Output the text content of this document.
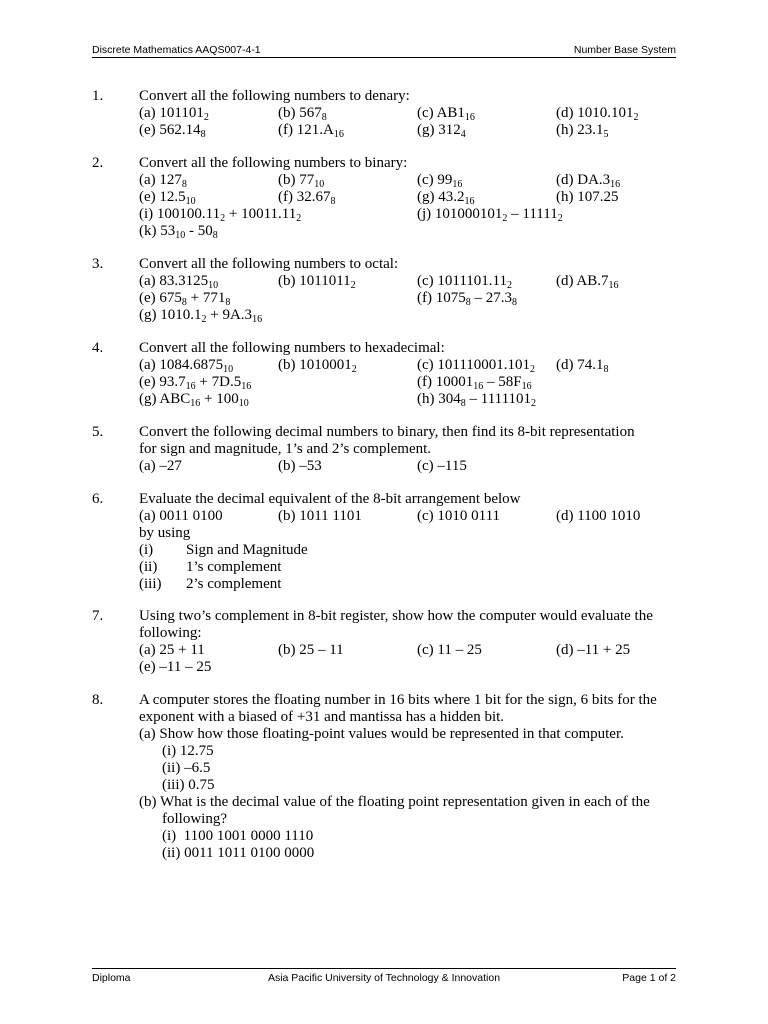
Discrete Mathematics AAQS007-4-1	Number Base System
1. Convert all the following numbers to denary:
(a) $101101_2$	(b) $567_8$	(c) $AB1_{16}$	(d) $1010.101_2$
(e) $562.14_8$	(f) $121.A_{16}$	(g) $312_4$	(h) $23.1_5$
2. Convert all the following numbers to binary:
(a) $127_8$	(b) $77_{10}$	(c) $99_{16}$	(d) $DA.3_{16}$
(e) $12.5_{10}$	(f) $32.67_8$	(g) $43.2_{16}$	(h) 107.25
(i) $100100.11_2 + 10011.11_2$	(j) $101000101_2 - 11111_2$
(k) $53_{10} - 50_8$
3. Convert all the following numbers to octal:
(a) $83.3125_{10}$	(b) $1011011_2$	(c) $1011101.11_2$	(d) $AB.7_{16}$
(e) $675_8 + 771_8$	(f) $1075_8 - 27.3_8$
(g) $1010.1_2 + 9A.3_{16}$
4. Convert all the following numbers to hexadecimal:
(a) $1084.6875_{10}$	(b) $1010001_2$	(c) $101110001.101_2$ (d) $74.1_8$
(e) $93.7_{16} + 7D.5_{16}$	(f) $10001_{16} - 58F_{16}$
(g) $ABC_{16} + 100_{10}$	(h) $304_8 - 1111101_2$
5. Convert the following decimal numbers to binary, then find its 8-bit representation
for sign and magnitude, 1’s and 2’s complement.
(a) –27	(b) –53	(c) –115
6. Evaluate the decimal equivalent of the 8-bit arrangement below
(a) 0011 0100	(b) 1011 1101	(c) 1010 0111	(d) 1100 1010
by using
(i) Sign and Magnitude
(ii) 1’s complement
(iii) 2’s complement
7. Using two’s complement in 8-bit register, show how the computer would evaluate the
following:
(a) 25 + 11	(b) 25 – 11	(c) 11 – 25	(d) –11 + 25
(e) –11 – 25
8. A computer stores the floating number in 16 bits where 1 bit for the sign, 6 bits for the
exponent with a biased of +31 and mantissa has a hidden bit.
(a) Show how those floating-point values would be represented in that computer.
(i) 12.75
(ii) –6.5
(iii) 0.75
(b) What is the decimal value of the floating point representation given in each of the
following?
(i)  1100 1001 0000 1110
(ii) 0011 1011 0100 0000
Diploma	Asia Pacific University of Technology & Innovation	Page 1 of 2
